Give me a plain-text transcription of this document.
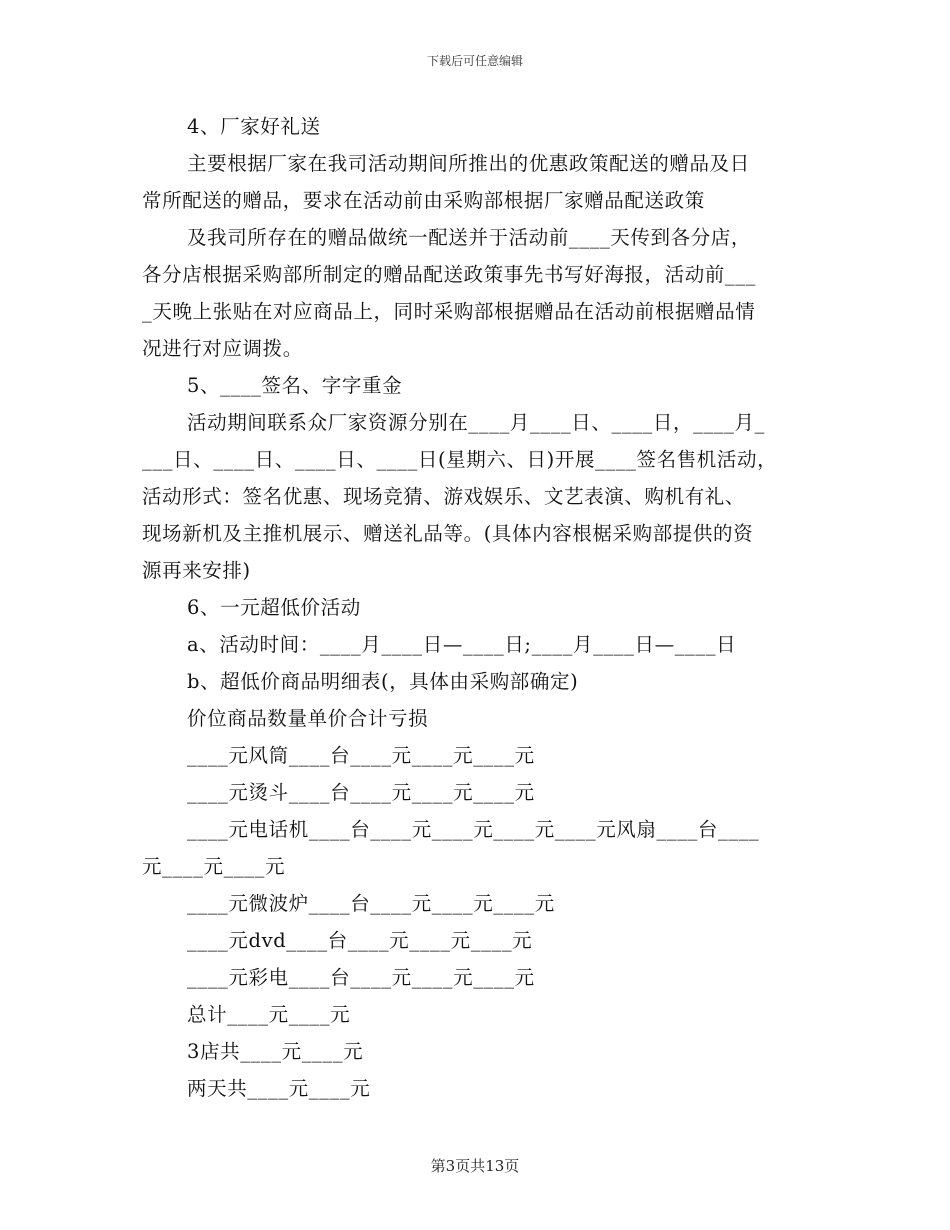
下载后可任意编辑
4、厂家好礼送
主要根据厂家在我司活动期间所推出的优惠政策配送的赠品及日
常所配送的赠品，要求在活动前由采购部根据厂家赠品配送政策
及我司所存在的赠品做统一配送并于活动前____天传到各分店，
各分店根据采购部所制定的赠品配送政策事先书写好海报，活动前___
_天晚上张贴在对应商品上，同时采购部根据赠品在活动前根据赠品情
况进行对应调拨。
5、____签名、字字重金
活动期间联系众厂家资源分别在____月____日、____日，____月_
___日、____日、____日、____日(星期六、日)开展____签名售机活动，
活动形式：签名优惠、现场竞猜、游戏娱乐、文艺表演、购机有礼、
现场新机及主推机展示、赠送礼品等。(具体内容根椐采购部提供的资
源再来安排)
6、一元超低价活动
a、活动时间：____月____日—____日;____月____日—____日
b、超低价商品明细表(，具体由采购部确定)
价位商品数量单价合计亏损
____元风筒____台____元____元____元
____元烫斗____台____元____元____元
____元电话机____台____元____元____元____元风扇____台____
元____元____元
____元微波炉____台____元____元____元
____元dvd____台____元____元____元
____元彩电____台____元____元____元
总计____元____元
3店共____元____元
两天共____元____元
第3页共13页
